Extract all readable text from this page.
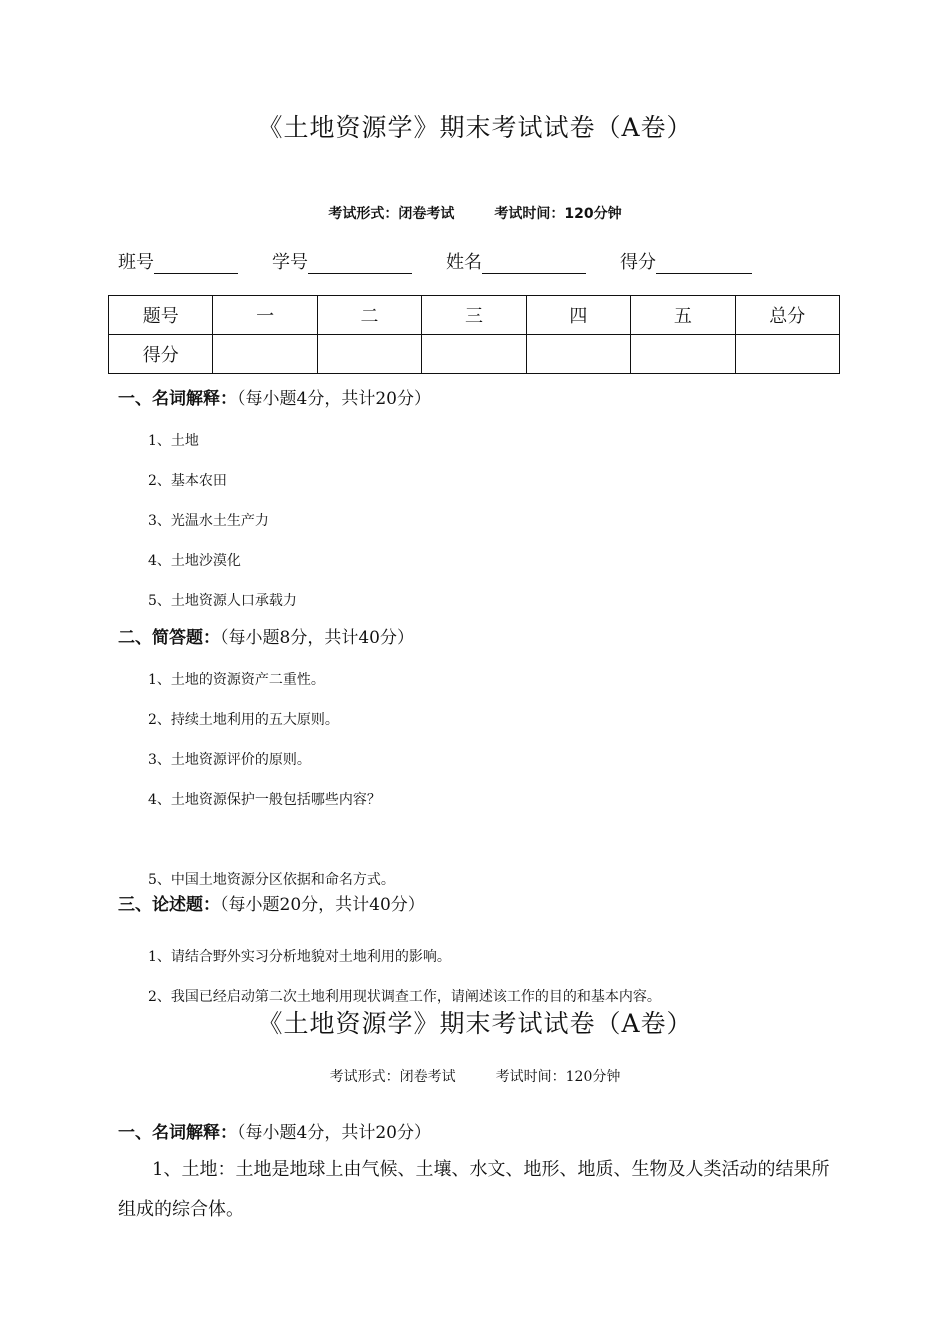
《土地资源学》期末考试试卷（A卷）
考试形式：闭卷考试	考试时间：120分钟
班号	学号	姓名	得分
题号	一	二	三	四	五	总分
得分						
一、名词解释：（每小题4分，共计20分）
1、土地
2、基本农田
3、光温水土生产力
4、土地沙漠化
5、土地资源人口承载力
二、简答题：（每小题8分，共计40分）
1、土地的资源资产二重性。
2、持续土地利用的五大原则。
3、土地资源评价的原则。
4、土地资源保护一般包括哪些内容？
5、中国土地资源分区依据和命名方式。
三、论述题：（每小题20分，共计40分）
1、请结合野外实习分析地貌对土地利用的影响。
2、我国已经启动第二次土地利用现状调查工作，请阐述该工作的目的和基本内容。
《土地资源学》期末考试试卷（A卷）
考试形式：闭卷考试	考试时间：120分钟
一、名词解释：（每小题4分，共计20分）
1、土地：土地是地球上由气候、土壤、水文、地形、地质、生物及人类活动的结果所组成的综合体。
